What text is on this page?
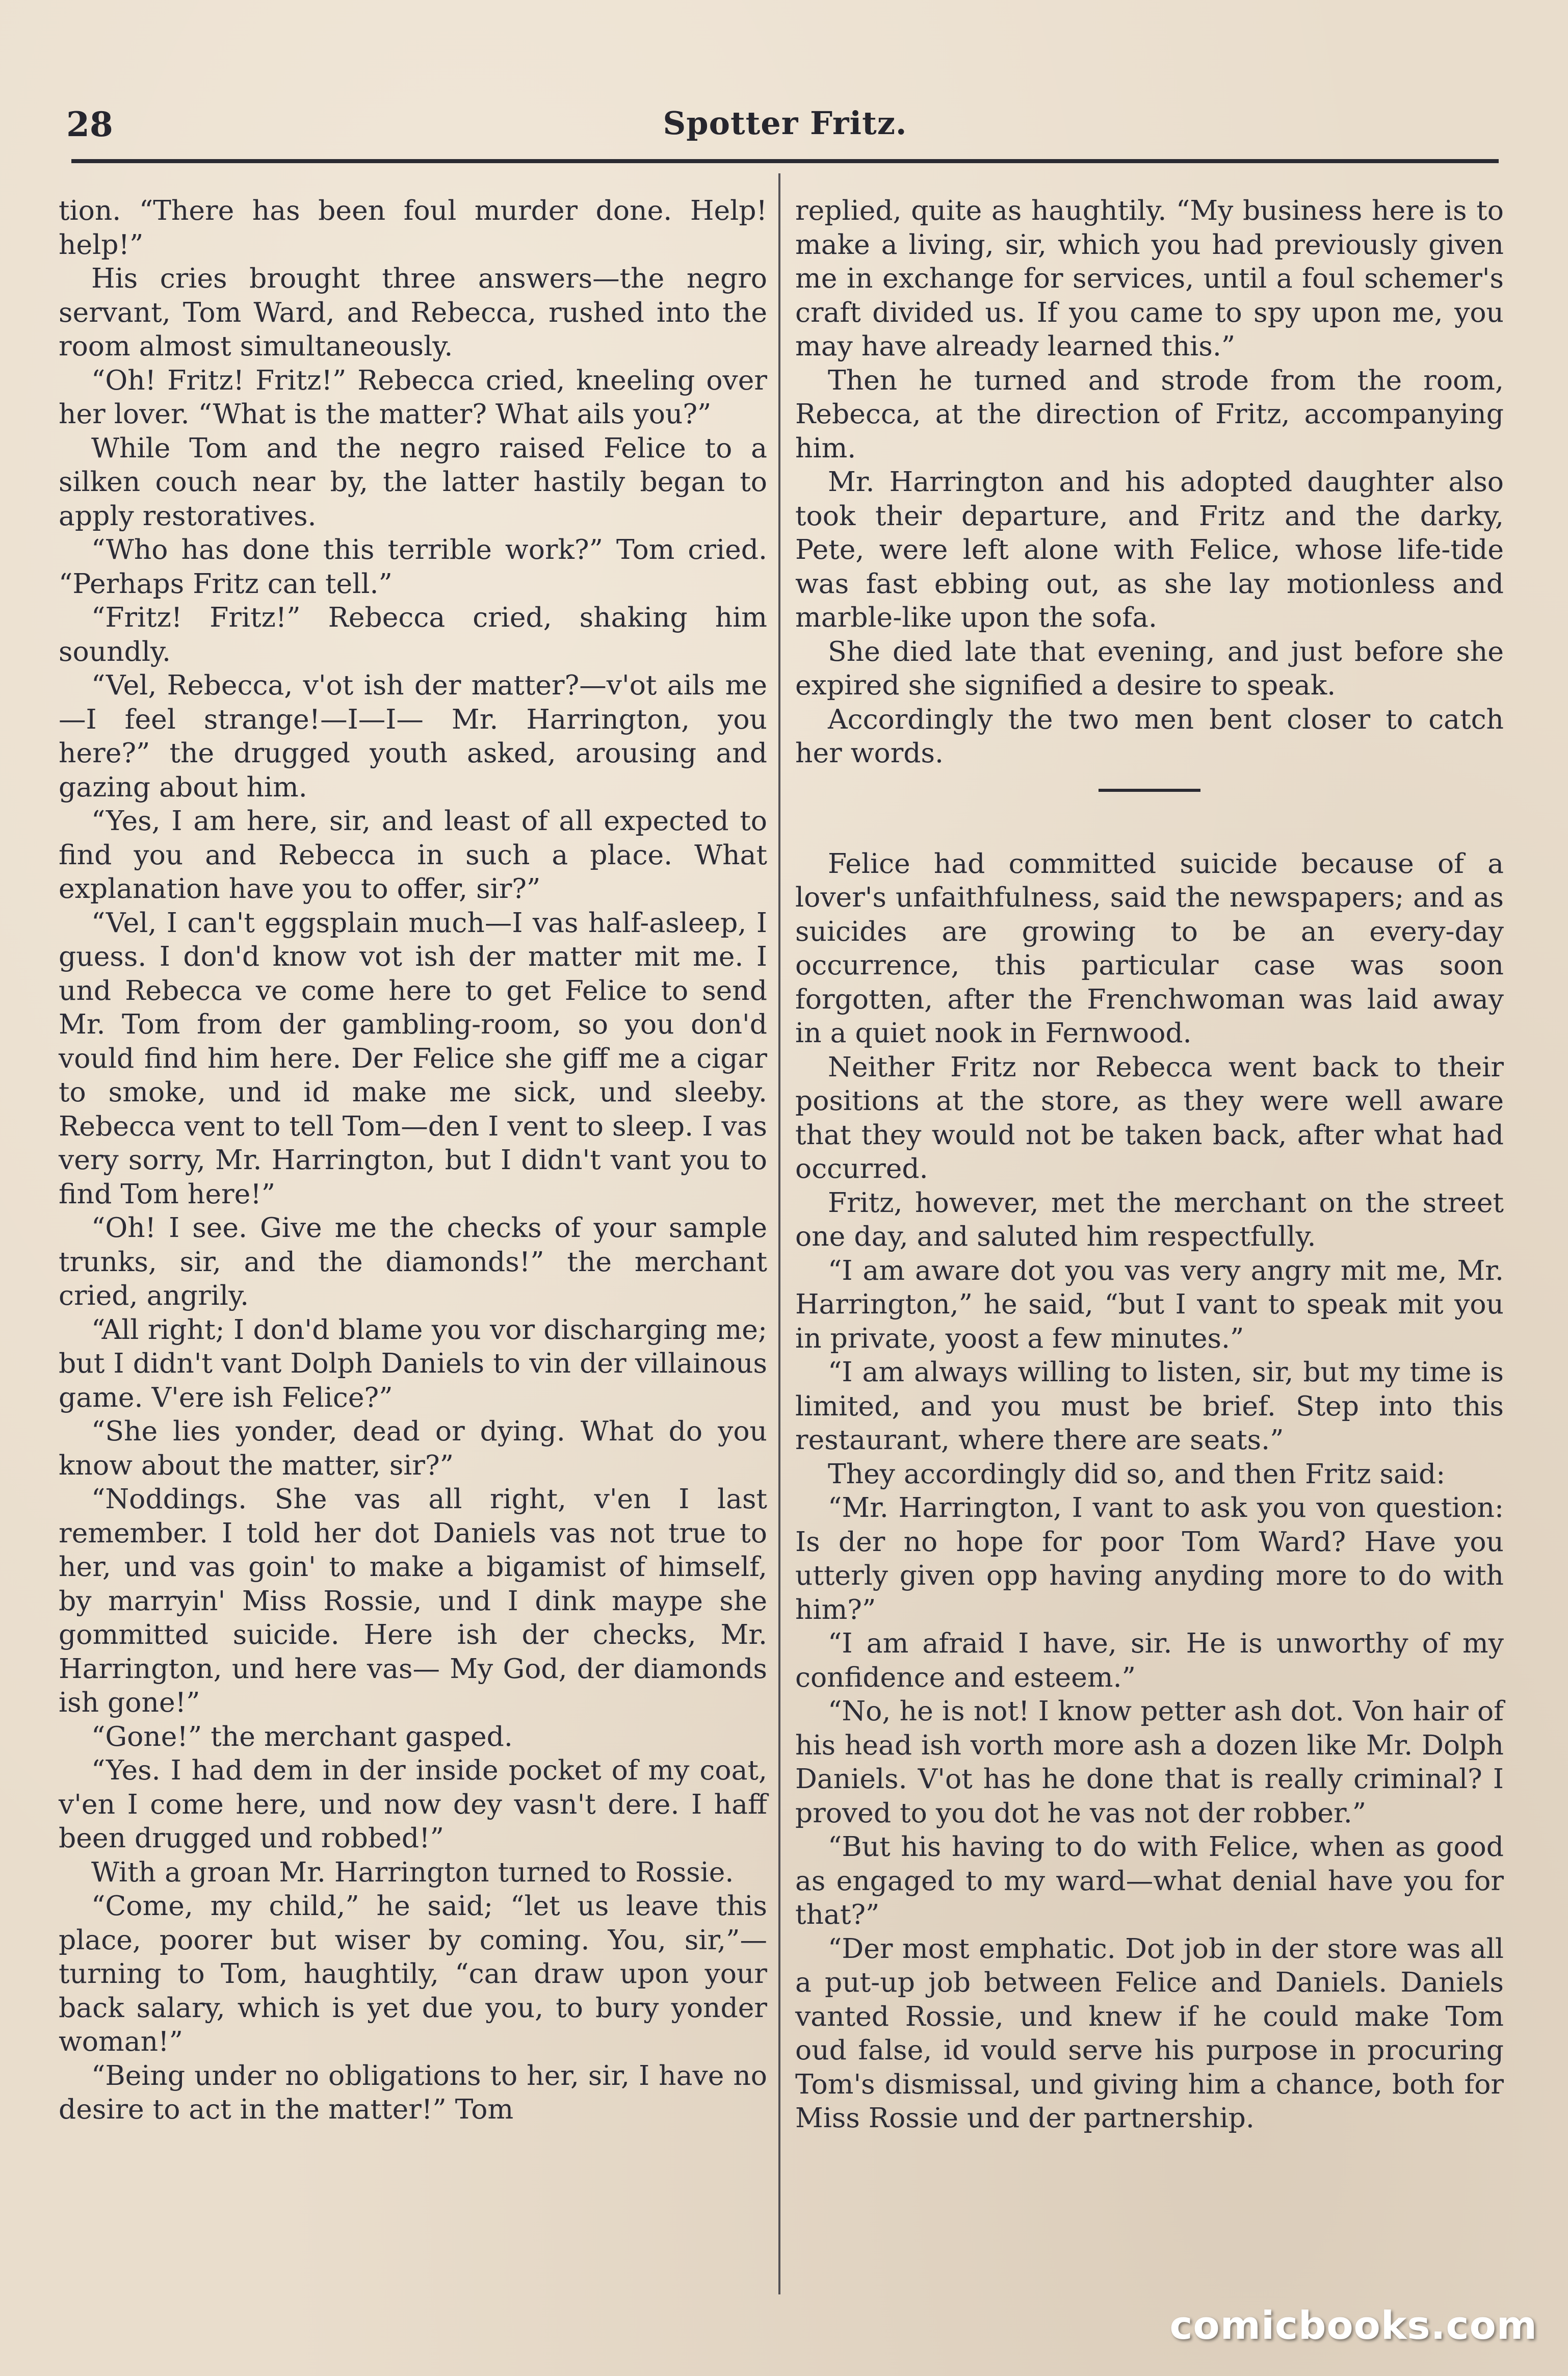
28	Spotter Fritz.

tion. “There has been foul murder done. Help! help!”

His cries brought three answers—the negro servant, Tom Ward, and Rebecca, rushed into the room almost simultaneously.

“Oh! Fritz! Fritz!” Rebecca cried, kneeling over her lover. “What is the matter? What ails you?”

While Tom and the negro raised Felice to a silken couch near by, the latter hastily began to apply restoratives.

“Who has done this terrible work?” Tom cried. “Perhaps Fritz can tell.”

“Fritz! Fritz!” Rebecca cried, shaking him soundly.

“Vel, Rebecca, v'ot ish der matter?—v'ot ails me—I feel strange!—I—I— Mr. Harrington, you here?” the drugged youth asked, arousing and gazing about him.

“Yes, I am here, sir, and least of all expected to find you and Rebecca in such a place. What explanation have you to offer, sir?”

“Vel, I can't eggsplain much—I vas half-asleep, I guess. I don'd know vot ish der matter mit me. I und Rebecca ve come here to get Felice to send Mr. Tom from der gambling-room, so you don'd vould find him here. Der Felice she giff me a cigar to smoke, und id make me sick, und sleeby. Rebecca vent to tell Tom—den I vent to sleep. I vas very sorry, Mr. Harrington, but I didn't vant you to find Tom here!”

“Oh! I see. Give me the checks of your sample trunks, sir, and the diamonds!” the merchant cried, angrily.

“All right; I don'd blame you vor discharging me; but I didn't vant Dolph Daniels to vin der villainous game. V'ere ish Felice?”

“She lies yonder, dead or dying. What do you know about the matter, sir?”

“Noddings. She vas all right, v'en I last remember. I told her dot Daniels vas not true to her, und vas goin' to make a bigamist of himself, by marryin' Miss Rossie, und I dink maype she gommitted suicide. Here ish der checks, Mr. Harrington, und here vas— My God, der diamonds ish gone!”

“Gone!” the merchant gasped.

“Yes. I had dem in der inside pocket of my coat, v'en I come here, und now dey vasn't dere. I haff been drugged und robbed!”

With a groan Mr. Harrington turned to Rossie.

“Come, my child,” he said; “let us leave this place, poorer but wiser by coming. You, sir,”—turning to Tom, haughtily, “can draw upon your back salary, which is yet due you, to bury yonder woman!”

“Being under no obligations to her, sir, I have no desire to act in the matter!” Tom

replied, quite as haughtily. “My business here is to make a living, sir, which you had previously given me in exchange for services, until a foul schemer's craft divided us. If you came to spy upon me, you may have already learned this.”

Then he turned and strode from the room, Rebecca, at the direction of Fritz, accompanying him.

Mr. Harrington and his adopted daughter also took their departure, and Fritz and the darky, Pete, were left alone with Felice, whose life-tide was fast ebbing out, as she lay motionless and marble-like upon the sofa.

She died late that evening, and just before she expired she signified a desire to speak.

Accordingly the two men bent closer to catch her words.

Felice had committed suicide because of a lover's unfaithfulness, said the newspapers; and as suicides are growing to be an every-day occurrence, this particular case was soon forgotten, after the Frenchwoman was laid away in a quiet nook in Fernwood.

Neither Fritz nor Rebecca went back to their positions at the store, as they were well aware that they would not be taken back, after what had occurred.

Fritz, however, met the merchant on the street one day, and saluted him respectfully.

“I am aware dot you vas very angry mit me, Mr. Harrington,” he said, “but I vant to speak mit you in private, yoost a few minutes.”

“I am always willing to listen, sir, but my time is limited, and you must be brief. Step into this restaurant, where there are seats.”

They accordingly did so, and then Fritz said:

“Mr. Harrington, I vant to ask you von question: Is der no hope for poor Tom Ward? Have you utterly given opp having anyding more to do with him?”

“I am afraid I have, sir. He is unworthy of my confidence and esteem.”

“No, he is not! I know petter ash dot. Von hair of his head ish vorth more ash a dozen like Mr. Dolph Daniels. V'ot has he done that is really criminal? I proved to you dot he vas not der robber.”

“But his having to do with Felice, when as good as engaged to my ward—what denial have you for that?”

“Der most emphatic. Dot job in der store was all a put-up job between Felice and Daniels. Daniels vanted Rossie, und knew if he could make Tom oud false, id vould serve his purpose in procuring Tom's dismissal, und giving him a chance, both for Miss Rossie und der partnership.

comicbooks.com
